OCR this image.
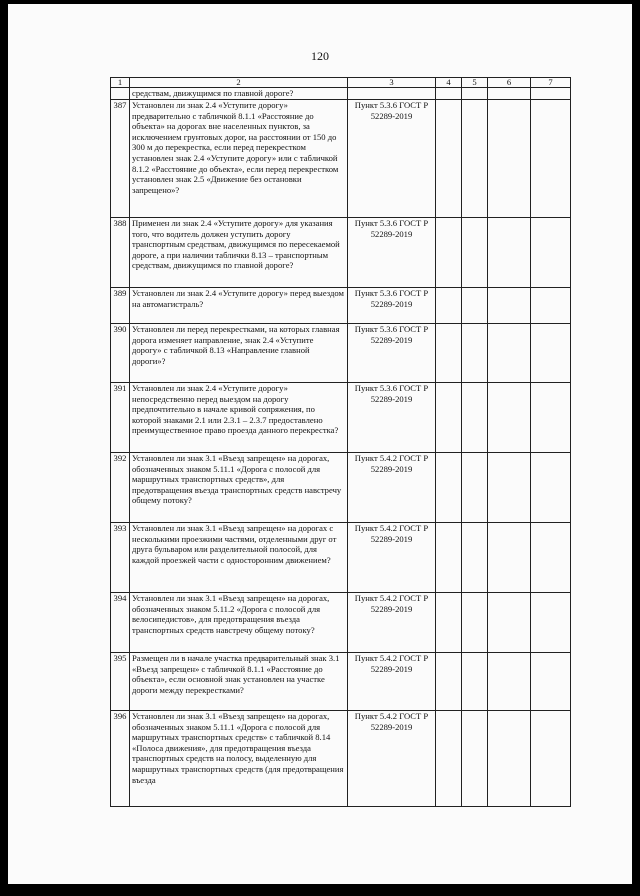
120
1	2	3	4	5	6	7
	средствам, движущимся по главной дороге?					
387	Установлен ли знак 2.4 «Уступите дорогу» предварительно с табличкой 8.1.1 «Расстояние до объекта» на дорогах вне населенных пунктов, за исключением грунтовых дорог, на расстоянии от 150 до 300 м до перекрестка, если перед перекрестком установлен знак 2.4 «Уступите дорогу» или с табличкой 8.1.2 «Расстояние до объекта», если перед перекрестком установлен знак 2.5 «Движение без остановки запрещено»?	Пункт 5.3.6 ГОСТ Р 52289-2019				
388	Применен ли знак 2.4 «Уступите дорогу» для указания того, что водитель должен уступить дорогу транспортным средствам, движущимся по пересекаемой дороге, а при наличии таблички 8.13 – транспортным средствам, движущимся по главной дороге?	Пункт 5.3.6 ГОСТ Р 52289-2019				
389	Установлен ли знак 2.4 «Уступите дорогу» перед выездом на автомагистраль?	Пункт 5.3.6 ГОСТ Р 52289-2019				
390	Установлен ли перед перекрестками, на которых главная дорога изменяет направление, знак 2.4 «Уступите дорогу» с табличкой 8.13 «Направление главной дороги»?	Пункт 5.3.6 ГОСТ Р 52289-2019				
391	Установлен ли знак 2.4 «Уступите дорогу» непосредственно перед выездом на дорогу предпочтительно в начале кривой сопряжения, по которой знаками 2.1 или 2.3.1 – 2.3.7 предоставлено преимущественное право проезда данного перекрестка?	Пункт 5.3.6 ГОСТ Р 52289-2019				
392	Установлен ли знак 3.1 «Въезд запрещен» на дорогах, обозначенных знаком 5.11.1 «Дорога с полосой для маршрутных транспортных средств», для предотвращения въезда транспортных средств навстречу общему потоку?	Пункт 5.4.2 ГОСТ Р 52289-2019				
393	Установлен ли знак 3.1 «Въезд запрещен» на дорогах с несколькими проезжими частями, отделенными друг от друга бульваром или разделительной полосой, для каждой проезжей части с односторонним движением?	Пункт 5.4.2 ГОСТ Р 52289-2019				
394	Установлен ли знак 3.1 «Въезд запрещен» на дорогах, обозначенных знаком 5.11.2 «Дорога с полосой для велосипедистов», для предотвращения въезда транспортных средств навстречу общему потоку?	Пункт 5.4.2 ГОСТ Р 52289-2019				
395	Размещен ли в начале участка предварительный знак 3.1 «Въезд запрещен» с табличкой 8.1.1 «Расстояние до объекта», если основной знак установлен на участке дороги между перекрестками?	Пункт 5.4.2 ГОСТ Р 52289-2019				
396	Установлен ли знак 3.1 «Въезд запрещен» на дорогах, обозначенных знаком 5.11.1 «Дорога с полосой для маршрутных транспортных средств» с табличкой 8.14 «Полоса движения», для предотвращения въезда транспортных средств на полосу, выделенную для маршрутных транспортных средств (для предотвращения въезда	Пункт 5.4.2 ГОСТ Р 52289-2019				
